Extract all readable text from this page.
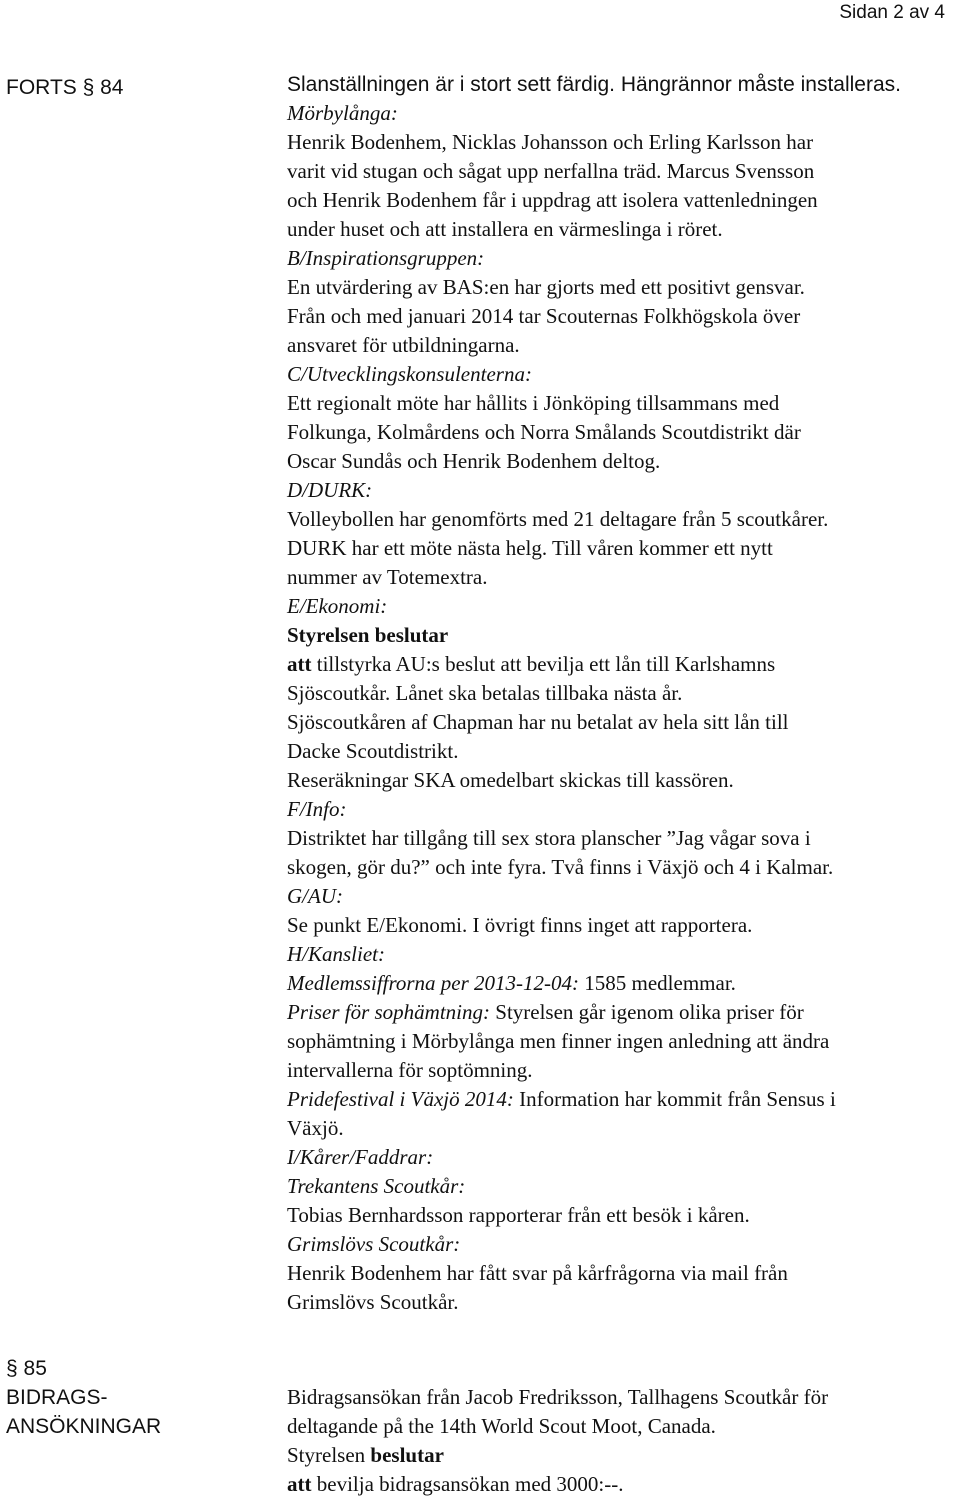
Sidan 2 av 4
FORTS § 84	Slanställningen är i stort sett färdig. Hängrännor måste installeras.

Mörbylånga:

Henrik Bodenhem, Nicklas Johansson och Erling Karlsson har

varit vid stugan och sågat upp nerfallna träd. Marcus Svensson

och Henrik Bodenhem får i uppdrag att isolera vattenledningen

under huset och att installera en värmeslinga i röret.

B/Inspirationsgruppen:

En utvärdering av BAS:en har gjorts med ett positivt gensvar.

Från och med januari 2014 tar Scouternas Folkhögskola över

ansvaret för utbildningarna.

C/Utvecklingskonsulenterna:

Ett regionalt möte har hållits i Jönköping tillsammans med

Folkunga, Kolmårdens och Norra Smålands Scoutdistrikt där

Oscar Sundås och Henrik Bodenhem deltog.

D/DURK:

Volleybollen har genomförts med 21 deltagare från 5 scoutkårer.

DURK har ett möte nästa helg. Till våren kommer ett nytt

nummer av Totemextra.

E/Ekonomi:

Styrelsen beslutar

att tillstyrka AU:s beslut att bevilja ett lån till Karlshamns

Sjöscoutkår. Lånet ska betalas tillbaka nästa år.

Sjöscoutkåren af Chapman har nu betalat av hela sitt lån till

Dacke Scoutdistrikt.

Reseräkningar SKA omedelbart skickas till kassören.

F/Info:

Distriktet har tillgång till sex stora planscher ”Jag vågar sova i

skogen, gör du?” och inte fyra. Två finns i Växjö och 4 i Kalmar.

G/AU:

Se punkt E/Ekonomi. I övrigt finns inget att rapportera.

H/Kansliet:

Medlemssiffrorna per 2013-12-04: 1585 medlemmar.

Priser för sophämtning: Styrelsen går igenom olika priser för

sophämtning i Mörbylånga men finner ingen anledning att ändra

intervallerna för soptömning.

Pridefestival i Växjö 2014: Information har kommit från Sensus i

Växjö.

I/Kårer/Faddrar:

Trekantens Scoutkår:

Tobias Bernhardsson rapporterar från ett besök i kåren.

Grimslövs Scoutkår:

Henrik Bodenhem har fått svar på kårfrågorna via mail från

Grimslövs Scoutkår.

§ 85
BIDRAGS-
ANSÖKNINGAR

Bidragsansökan från Jacob Fredriksson, Tallhagens Scoutkår för

deltagande på the 14th World Scout Moot, Canada.

Styrelsen beslutar

att bevilja bidragsansökan med 3000:--.
